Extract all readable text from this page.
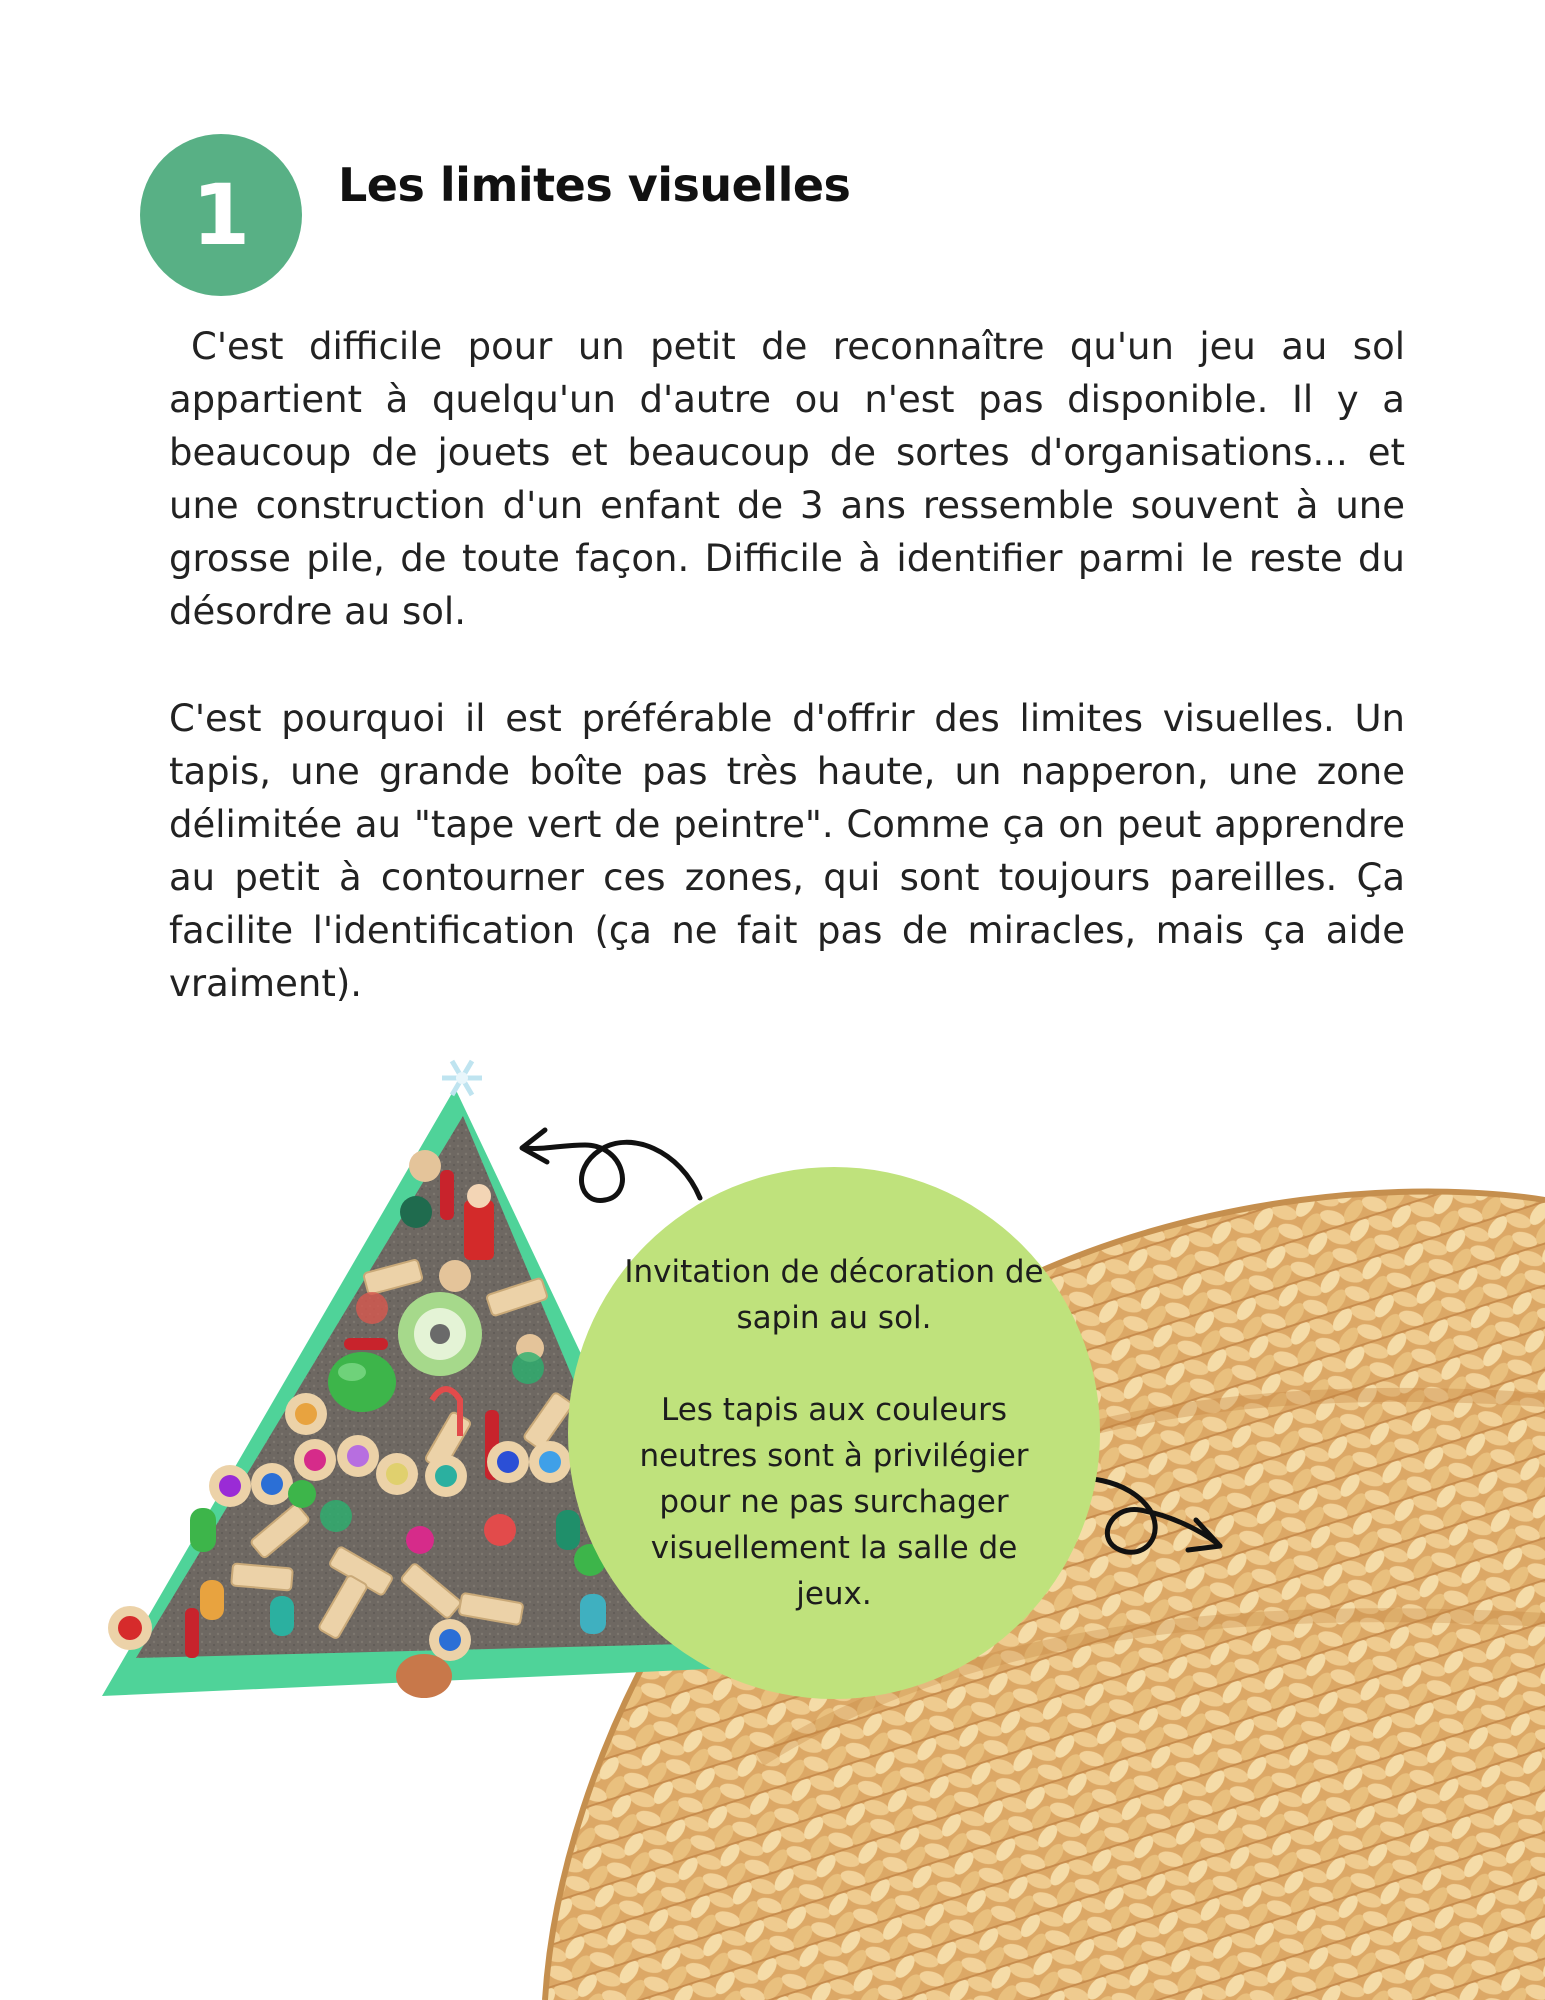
1 Les limites visuelles

C'est difficile pour un petit de reconnaître qu'un jeu au sol appartient à quelqu'un d'autre ou n'est pas disponible. Il y a beaucoup de jouets et beaucoup de sortes d'organisations... et une construction d'un enfant de 3 ans ressemble souvent à une grosse pile, de toute façon. Difficile à identifier parmi le reste du désordre au sol.

C'est pourquoi il est préférable d'offrir des limites visuelles. Un tapis, une grande boîte pas très haute, un napperon, une zone délimitée au "tape vert de peintre". Comme ça on peut apprendre au petit à contourner ces zones, qui sont toujours pareilles. Ça facilite l'identification (ça ne fait pas de miracles, mais ça aide vraiment).

Invitation de décoration de sapin au sol.

Les tapis aux couleurs neutres sont à privilégier pour ne pas surchager visuellement la salle de jeux.
